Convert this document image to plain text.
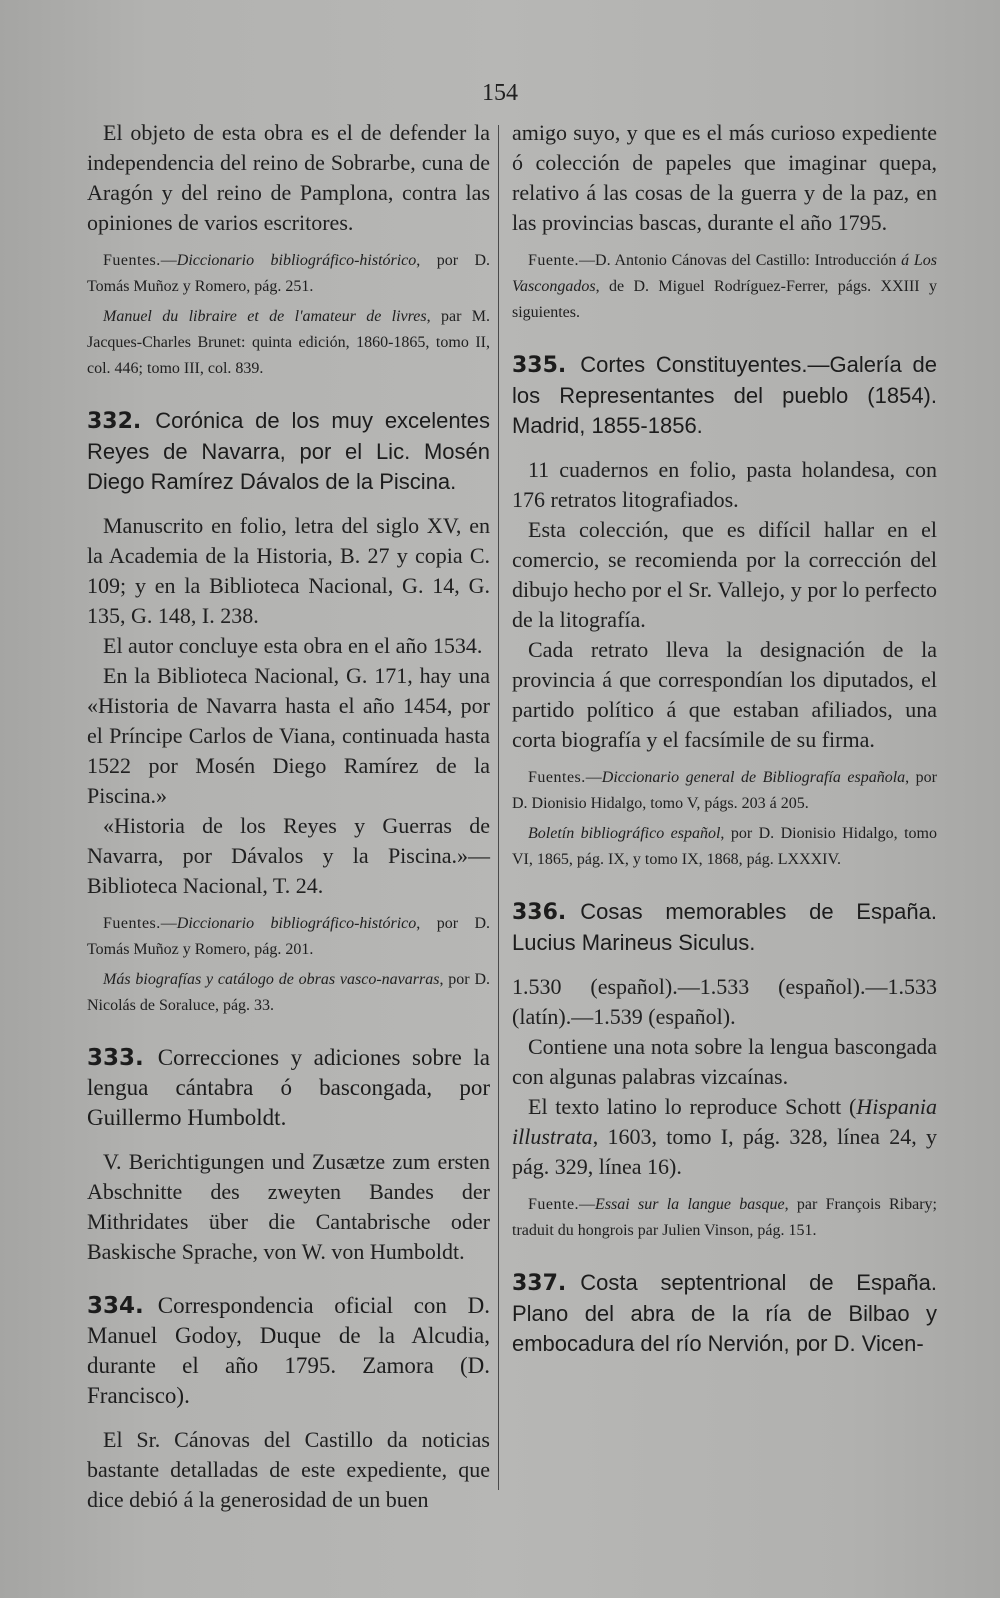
154

El objeto de esta obra es el de defender la independencia del reino de Sobrarbe, cuna de Aragón y del reino de Pamplona, contra las opiniones de varios escritores.

Fuentes.—Diccionario bibliográfico-histórico, por D. Tomás Muñoz y Romero, pág. 251.

Manuel du libraire et de l'amateur de livres, par M. Jacques-Charles Brunet: quinta edición, 1860-1865, tomo II, col. 446; tomo III, col. 839.

332. Corónica de los muy excelentes Reyes de Navarra, por el Lic. Mosén Diego Ramírez Dávalos de la Piscina.

Manuscrito en folio, letra del siglo XV, en la Academia de la Historia, B. 27 y copia C. 109; y en la Biblioteca Nacional, G. 14, G. 135, G. 148, I. 238.

El autor concluye esta obra en el año 1534.

En la Biblioteca Nacional, G. 171, hay una «Historia de Navarra hasta el año 1454, por el Príncipe Carlos de Viana, continuada hasta 1522 por Mosén Diego Ramírez de la Piscina.»

«Historia de los Reyes y Guerras de Navarra, por Dávalos y la Piscina.»—Biblioteca Nacional, T. 24.

Fuentes.—Diccionario bibliográfico-histórico, por D. Tomás Muñoz y Romero, pág. 201.

Más biografías y catálogo de obras vasco-navarras, por D. Nicolás de Soraluce, pág. 33.

333. Correcciones y adiciones sobre la lengua cántabra ó bascongada, por Guillermo Humboldt.

V. Berichtigungen und Zusætze zum ersten Abschnitte des zweyten Bandes der Mithridates über die Cantabrische oder Baskische Sprache, von W. von Humboldt.

334. Correspondencia oficial con D. Manuel Godoy, Duque de la Alcudia, durante el año 1795. Zamora (D. Francisco).

El Sr. Cánovas del Castillo da noticias bastante detalladas de este expediente, que dice debió á la generosidad de un buen

amigo suyo, y que es el más curioso expediente ó colección de papeles que imaginar quepa, relativo á las cosas de la guerra y de la paz, en las provincias bascas, durante el año 1795.

Fuente.—D. Antonio Cánovas del Castillo: Introducción á Los Vascongados, de D. Miguel Rodríguez-Ferrer, págs. XXIII y siguientes.

335. Cortes Constituyentes.—Galería de los Representantes del pueblo (1854). Madrid, 1855-1856.

11 cuadernos en folio, pasta holandesa, con 176 retratos litografiados.

Esta colección, que es difícil hallar en el comercio, se recomienda por la corrección del dibujo hecho por el Sr. Vallejo, y por lo perfecto de la litografía.

Cada retrato lleva la designación de la provincia á que correspondían los diputados, el partido político á que estaban afiliados, una corta biografía y el facsímile de su firma.

Fuentes.—Diccionario general de Bibliografía española, por D. Dionisio Hidalgo, tomo V, págs. 203 á 205.

Boletín bibliográfico español, por D. Dionisio Hidalgo, tomo VI, 1865, pág. IX, y tomo IX, 1868, pág. LXXXIV.

336. Cosas memorables de España. Lucius Marineus Siculus.

1.530 (español).—1.533 (español).—1.533 (latín).—1.539 (español).

Contiene una nota sobre la lengua bascongada con algunas palabras vizcaínas.

El texto latino lo reproduce Schott (Hispania illustrata, 1603, tomo I, pág. 328, línea 24, y pág. 329, línea 16).

Fuente.—Essai sur la langue basque, par François Ribary; traduit du hongrois par Julien Vinson, pág. 151.

337. Costa septentrional de España. Plano del abra de la ría de Bilbao y embocadura del río Nervión, por D. Vicen-
